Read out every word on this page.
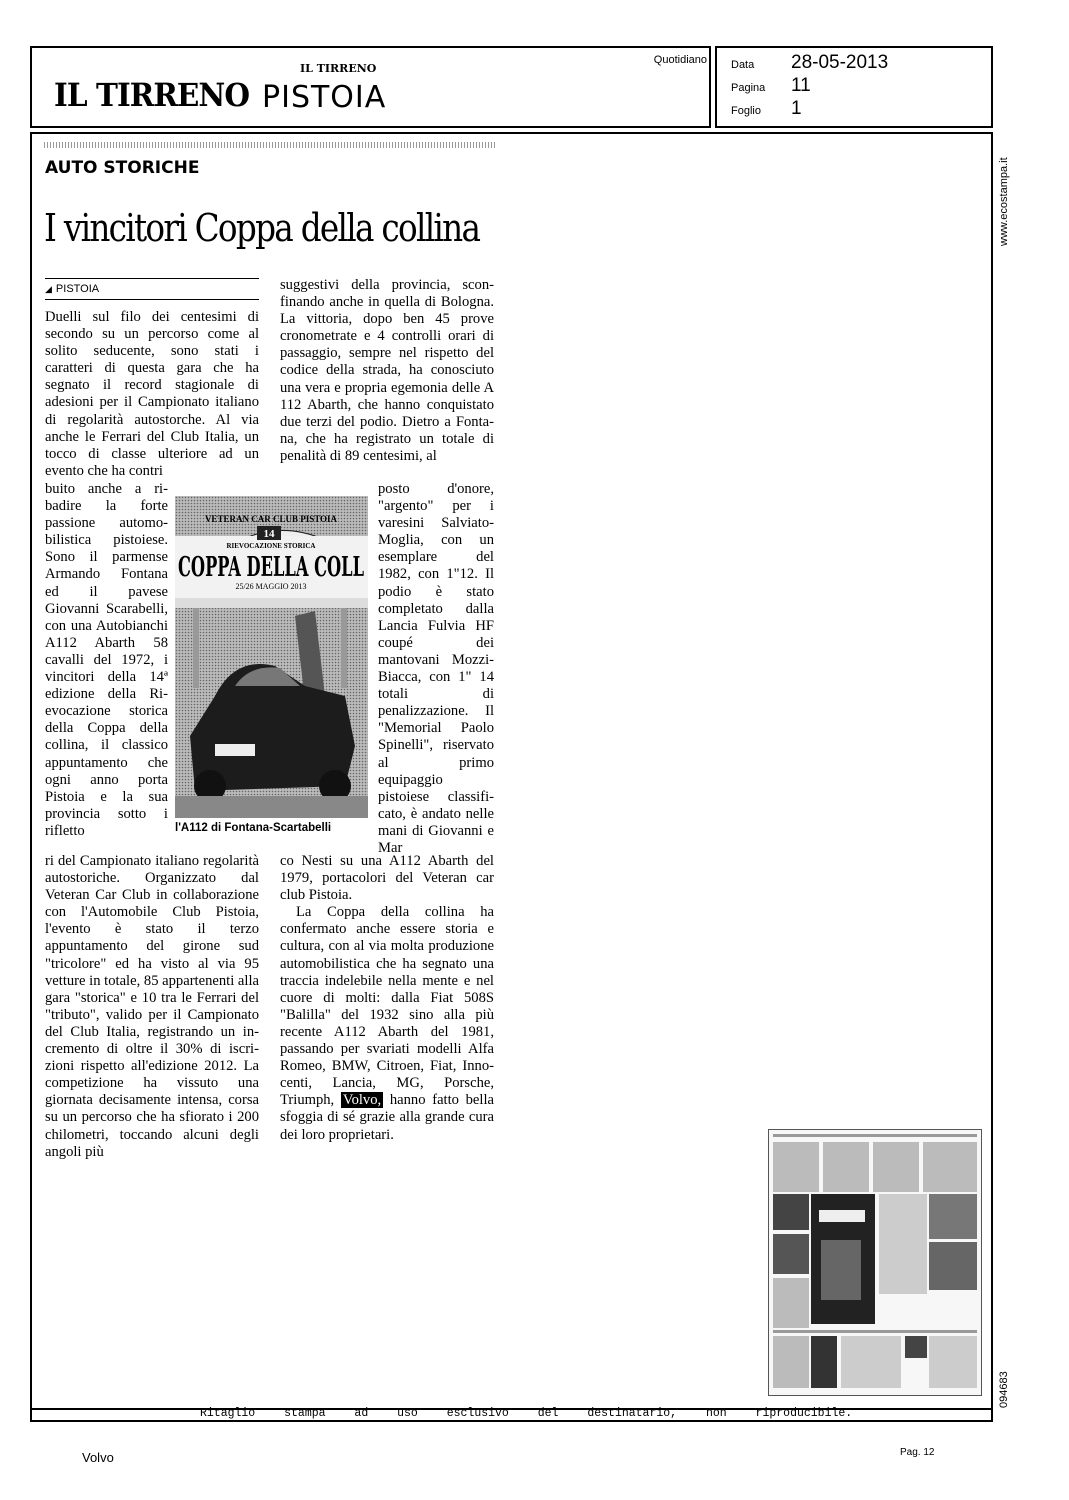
IL TIRRENO
IL TIRRENO PISTOIA
Quotidiano Data 28-05-2013
Pagina 11
Foglio 1
AUTO STORICHE
I vincitori Coppa della collina
◢ PISTOIA
Duelli sul filo dei centesimi di secondo su un percorso come al solito seducente, sono stati i caratteri di questa gara che ha segnato il record stagionale di adesioni per il Campionato italiano di regolarità autostorche. Al via anche le Ferrari del Club Italia, un tocco di classe ulteriore ad un evento che ha contri
buito anche a ribadire la forte passione automobilistica pistoiese. Sono il parmense Armando Fontana ed il pavese Giovanni Scarabelli, con una Autobianchi A112 Abarth 58 cavalli del 1972, i vincitori della 14ª edizione della Rievocazione storica della Coppa della collina, il classico appuntamento che ogni anno porta Pistoia e la sua provincia sotto i rifletto
ri del Campionato italiano regolarità autostoriche. Organizzato dal Veteran Car Club in collaborazione con l'Automobile Club Pistoia, l'evento è stato il terzo appuntamento del girone sud "tricolore" ed ha visto al via 95 vetture in totale, 85 appartenenti alla gara "storica" e 10 tra le Ferrari del "tributo", valido per il Campionato del Club Italia, registrando un incremento di oltre il 30% di iscrizioni rispetto all'edizione 2012. La competizione ha vissuto una giornata decisamente intensa, corsa su un percorso che ha sfiorato i 200 chilometri, toccando alcuni degli angoli più
suggestivi della provincia, sconfinando anche in quella di Bologna. La vittoria, dopo ben 45 prove cronometrate e 4 controlli orari di passaggio, sempre nel rispetto del codice della strada, ha conosciuto una vera e propria egemonia delle A 112 Abarth, che hanno conquistato due terzi del podio. Dietro a Fontana, che ha registrato un totale di penalità di 89 centesimi, al
posto d'onore, "argento" per i varesini Salviato-Moglia, con un esemplare del 1982, con 1"12. Il podio è stato completato dalla Lancia Fulvia HF coupé dei mantovani Mozzi-Biacca, con 1" 14 totali di penalizzazione. Il "Memorial Paolo Spinelli", riservato al primo equipaggio pistoiese classificato, è andato nelle mani di Giovanni e Mar

co Nesti su una A112 Abarth del 1979, portacolori del Veteran car club Pistoia.

La Coppa della collina ha confermato anche essere storia e cultura, con al via molta produzione automobilistica che ha segnato una traccia indelebile nella mente e nel cuore di molti: dalla Fiat 508S "Balilla" del 1932 sino alla più recente A112 Abarth del 1981, passando per svariati modelli Alfa Romeo, BMW, Citroen, Fiat, Innocenti, Lancia, MG, Porsche, Triumph, Volvo, hanno fatto bella sfoggia di sé grazie alla grande cura dei loro proprietari.

VETERAN CAR CLUB PISTOIA
14
RIEVOCAZIONE STORICA
COPPA DELLA COLL
25/26 MAGGIO 2013
l'A112 di Fontana-Scartabelli
www.ecostampa.it
094683
Ritaglio stampa ad uso esclusivo del destinatario, non riproducibile.
Volvo	Pag. 12
